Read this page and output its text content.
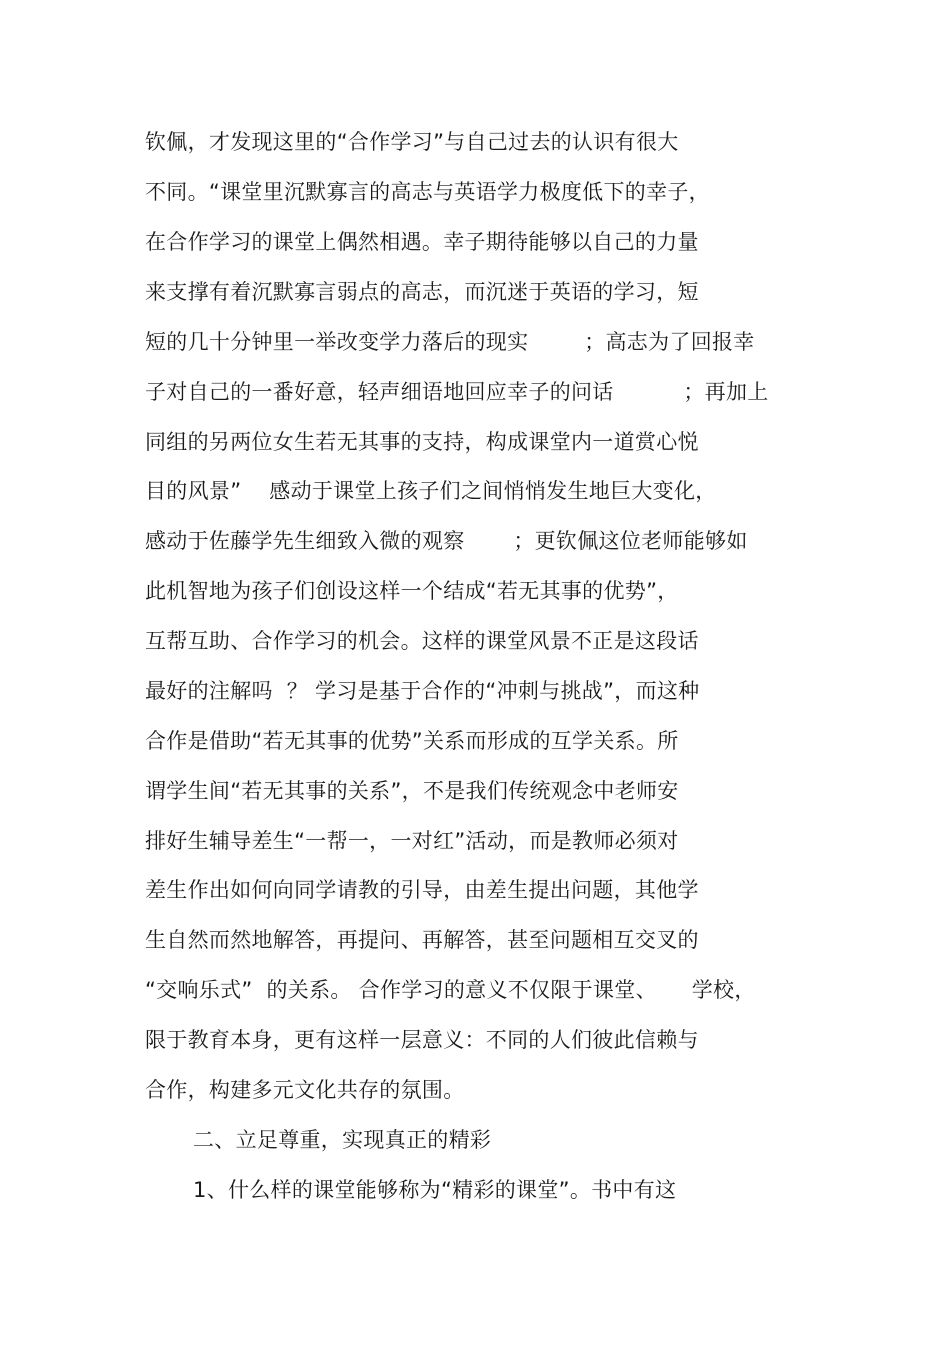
钦佩，才发现这里的“合作学习”与自己过去的认识有很大
不同。“课堂里沉默寡言的高志与英语学力极度低下的幸子，
在合作学习的课堂上偶然相遇。幸子期待能够以自己的力量
来支撑有着沉默寡言弱点的高志，而沉迷于英语的学习，短
短的几十分钟里一举改变学力落后的现实        ；高志为了回报幸
子对自己的一番好意，轻声细语地回应幸子的问话          ；再加上
同组的另两位女生若无其事的支持，构成课堂内一道赏心悦
目的风景”    感动于课堂上孩子们之间悄悄发生地巨大变化，
感动于佐藤学先生细致入微的观察       ；更钦佩这位老师能够如
此机智地为孩子们创设这样一个结成“若无其事的优势”，
互帮互助、合作学习的机会。这样的课堂风景不正是这段话
最好的注解吗  ？ 学习是基于合作的“冲刺与挑战”，而这种
合作是借助“若无其事的优势”关系而形成的互学关系。所
谓学生间“若无其事的关系”，不是我们传统观念中老师安
排好生辅导差生“一帮一，一对红”活动，而是教师必须对
差生作出如何向同学请教的引导，由差生提出问题，其他学
生自然而然地解答，再提问、再解答，甚至问题相互交叉的
“交响乐式”  的关系。 合作学习的意义不仅限于课堂、     学校，
限于教育本身，更有这样一层意义：不同的人们彼此信赖与
合作，构建多元文化共存的氛围。
二、立足尊重，实现真正的精彩
1、什么样的课堂能够称为“精彩的课堂”。书中有这
